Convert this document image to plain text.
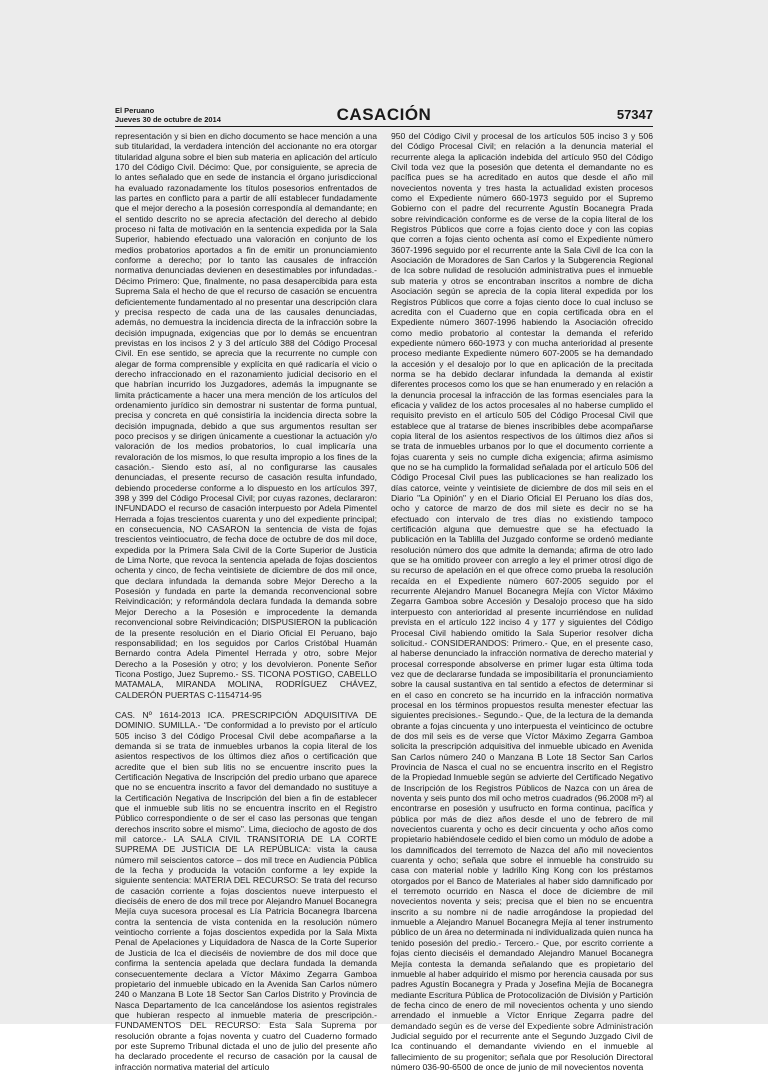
El Peruano
Jueves 30 de octubre de 2014	CASACIÓN	57347

representación y si bien en dicho documento se hace mención a una sub titularidad, la verdadera intención del accionante no era otorgar titularidad alguna sobre el bien sub materia en aplicación del artículo 170 del Código Civil. Décimo: Que, por consiguiente, se aprecia de lo antes señalado que en sede de instancia el órgano jurisdiccional ha evaluado razonadamente los títulos posesorios enfrentados de las partes en conflicto para a partir de allí establecer fundadamente que el mejor derecho a la posesión correspondía al demandante; en el sentido descrito no se aprecia afectación del derecho al debido proceso ni falta de motivación en la sentencia expedida por la Sala Superior, habiendo efectuado una valoración en conjunto de los medios probatorios aportados a fin de emitir un pronunciamiento conforme a derecho; por lo tanto las causales de infracción normativa denunciadas devienen en desestimables por infundadas.- Décimo Primero: Que, finalmente, no pasa desapercibida para esta Suprema Sala el hecho de que el recurso de casación se encuentra deficientemente fundamentado al no presentar una descripción clara y precisa respecto de cada una de las causales denunciadas, además, no demuestra la incidencia directa de la infracción sobre la decisión impugnada, exigencias que por lo demás se encuentran previstas en los incisos 2 y 3 del artículo 388 del Código Procesal Civil. En ese sentido, se aprecia que la recurrente no cumple con alegar de forma comprensible y explícita en qué radicaría el vicio o derecho infraccionado en el razonamiento judicial decisorio en el que habrían incurrido los Juzgadores, además la impugnante se limita prácticamente a hacer una mera mención de los artículos del ordenamiento jurídico sin demostrar ni sustentar de forma puntual, precisa y concreta en qué consistiría la incidencia directa sobre la decisión impugnada, debido a que sus argumentos resultan ser poco precisos y se dirigen únicamente a cuestionar la actuación y/o valoración de los medios probatorios, lo cual implicaría una revaloración de los mismos, lo que resulta impropio a los fines de la casación.- Siendo esto así, al no configurarse las causales denunciadas, el presente recurso de casación resulta infundado, debiendo procederse conforme a lo dispuesto en los artículos 397, 398 y 399 del Código Procesal Civil; por cuyas razones, declararon: INFUNDADO el recurso de casación interpuesto por Adela Pimentel Herrada a fojas trescientos cuarenta y uno del expediente principal; en consecuencia, NO CASARON la sentencia de vista de fojas trescientos veintiocuatro, de fecha doce de octubre de dos mil doce, expedida por la Primera Sala Civil de la Corte Superior de Justicia de Lima Norte, que revoca la sentencia apelada de fojas doscientos ochenta y cinco, de fecha veintisiete de diciembre de dos mil once, que declara infundada la demanda sobre Mejor Derecho a la Posesión y fundada en parte la demanda reconvencional sobre Reivindicación; y reformándola declara fundada la demanda sobre Mejor Derecho a la Posesión e improcedente la demanda reconvencional sobre Reivindicación; DISPUSIERON la publicación de la presente resolución en el Diario Oficial El Peruano, bajo responsabilidad; en los seguidos por Carlos Cristóbal Huamán Bernardo contra Adela Pimentel Herrada y otro, sobre Mejor Derecho a la Posesión y otro; y los devolvieron. Ponente Señor Ticona Postigo, Juez Supremo.- SS. TICONA POSTIGO, CABELLO MATAMALA, MIRANDA MOLINA, RODRÍGUEZ CHÁVEZ, CALDERÓN PUERTAS C-1154714-95

CAS. Nº 1614-2013 ICA. PRESCRIPCIÓN ADQUISITIVA DE DOMINIO. SUMILLA.- "De conformidad a lo previsto por el artículo 505 inciso 3 del Código Procesal Civil debe acompañarse a la demanda si se trata de inmuebles urbanos la copia literal de los asientos respectivos de los últimos diez años o certificación que acredite que el bien sub litis no se encuentre inscrito pues la Certificación Negativa de Inscripción del predio urbano que aparece que no se encuentra inscrito a favor del demandado no sustituye a la Certificación Negativa de Inscripción del bien a fin de establecer que el inmueble sub litis no se encuentra inscrito en el Registro Público correspondiente o de ser el caso las personas que tengan derechos inscrito sobre el mismo". Lima, dieciocho de agosto de dos mil catorce.- LA SALA CIVIL TRANSITORIA DE LA CORTE SUPREMA DE JUSTICIA DE LA REPÚBLICA: vista la causa número mil seiscientos catorce – dos mil trece en Audiencia Pública de la fecha y producida la votación conforme a ley expide la siguiente sentencia: MATERIA DEL RECURSO: Se trata del recurso de casación corriente a fojas doscientos nueve interpuesto el dieciséis de enero de dos mil trece por Alejandro Manuel Bocanegra Mejía cuya sucesora procesal es Lía Patricia Bocanegra Ibarcena contra la sentencia de vista contenida en la resolución número veintiocho corriente a fojas doscientos expedida por la Sala Mixta Penal de Apelaciones y Liquidadora de Nasca de la Corte Superior de Justicia de Ica el dieciséis de noviembre de dos mil doce que confirma la sentencia apelada que declara fundada la demanda consecuentemente declara a Víctor Máximo Zegarra Gamboa propietario del inmueble ubicado en la Avenida San Carlos número 240 o Manzana B Lote 18 Sector San Carlos Distrito y Provincia de Nasca Departamento de Ica cancelándose los asientos registrales que hubieran respecto al inmueble materia de prescripción.- FUNDAMENTOS DEL RECURSO: Esta Sala Suprema por resolución obrante a fojas noventa y cuatro del Cuaderno formado por este Supremo Tribunal dictada el uno de julio del presente año ha declarado procedente el recurso de casación por la causal de infracción normativa material del artículo

950 del Código Civil y procesal de los artículos 505 inciso 3 y 506 del Código Procesal Civil; en relación a la denuncia material el recurrente alega la aplicación indebida del artículo 950 del Código Civil toda vez que la posesión que detenta el demandante no es pacífica pues se ha acreditado en autos que desde el año mil novecientos noventa y tres hasta la actualidad existen procesos como el Expediente número 660-1973 seguido por el Supremo Gobierno con el padre del recurrente Agustín Bocanegra Prada sobre reivindicación conforme es de verse de la copia literal de los Registros Públicos que corre a fojas ciento doce y con las copias que corren a fojas ciento ochenta así como el Expediente número 3607-1996 seguido por el recurrente ante la Sala Civil de Ica con la Asociación de Moradores de San Carlos y la Subgerencia Regional de Ica sobre nulidad de resolución administrativa pues el inmueble sub materia y otros se encontraban inscritos a nombre de dicha Asociación según se aprecia de la copia literal expedida por los Registros Públicos que corre a fojas ciento doce lo cual incluso se acredita con el Cuaderno que en copia certificada obra en el Expediente número 3607-1996 habiendo la Asociación ofrecido como medio probatorio al contestar la demanda el referido expediente número 660-1973 y con mucha anterioridad al presente proceso mediante Expediente número 607-2005 se ha demandado la accesión y el desalojo por lo que en aplicación de la precitada norma se ha debido declarar infundada la demanda al existir diferentes procesos como los que se han enumerado y en relación a la denuncia procesal la infracción de las formas esenciales para la eficacia y validez de los actos procesales al no haberse cumplido el requisito previsto en el artículo 505 del Código Procesal Civil que establece que al tratarse de bienes inscribibles debe acompañarse copia literal de los asientos respectivos de los últimos diez años si se trata de inmuebles urbanos por lo que el documento corriente a fojas cuarenta y seis no cumple dicha exigencia; afirma asimismo que no se ha cumplido la formalidad señalada por el artículo 506 del Código Procesal Civil pues las publicaciones se han realizado los días catorce, veinte y veintisiete de diciembre de dos mil seis en el Diario "La Opinión" y en el Diario Oficial El Peruano los días dos, ocho y catorce de marzo de dos mil siete es decir no se ha efectuado con intervalo de tres días no existiendo tampoco certificación alguna que demuestre que se ha efectuado la publicación en la Tablilla del Juzgado conforme se ordenó mediante resolución número dos que admite la demanda; afirma de otro lado que se ha omitido proveer con arreglo a ley el primer otrosí digo de su recurso de apelación en el que ofrece como prueba la resolución recaída en el Expediente número 607-2005 seguido por el recurrente Alejandro Manuel Bocanegra Mejía con Víctor Máximo Zegarra Gamboa sobre Accesión y Desalojo proceso que ha sido interpuesto con anterioridad al presente incurriéndose en nulidad prevista en el artículo 122 inciso 4 y 177 y siguientes del Código Procesal Civil habiendo omitido la Sala Superior resolver dicha solicitud.- CONSIDERANDOS: Primero.- Que, en el presente caso, al haberse denunciado la infracción normativa de derecho material y procesal corresponde absolverse en primer lugar esta última toda vez que de declararse fundada se imposibilitaría el pronunciamiento sobre la causal sustantiva en tal sentido a efectos de determinar si en el caso en concreto se ha incurrido en la infracción normativa procesal en los términos propuestos resulta menester efectuar las siguientes precisiones.- Segundo.- Que, de la lectura de la demanda obrante a fojas cincuenta y uno interpuesta el veinticinco de octubre de dos mil seis es de verse que Víctor Máximo Zegarra Gamboa solicita la prescripción adquisitiva del inmueble ubicado en Avenida San Carlos número 240 o Manzana B Lote 18 Sector San Carlos Provincia de Nasca el cual no se encuentra inscrito en el Registro de la Propiedad Inmueble según se advierte del Certificado Negativo de Inscripción de los Registros Públicos de Nazca con un área de noventa y seis punto dos mil ocho metros cuadrados (96.2008 m²) al encontrarse en posesión y usufructo en forma continua, pacífica y pública por más de diez años desde el uno de febrero de mil novecientos cuarenta y ocho es decir cincuenta y ocho años como propietario habiéndosele cedido el bien como un módulo de adobe a los damnificados del terremoto de Nazca del año mil novecientos cuarenta y ocho; señala que sobre el inmueble ha construido su casa con material noble y ladrillo King Kong con los préstamos otorgados por el Banco de Materiales al haber sido damnificado por el terremoto ocurrido en Nasca el doce de diciembre de mil novecientos noventa y seis; precisa que el bien no se encuentra inscrito a su nombre ni de nadie arrogándose la propiedad del inmueble a Alejandro Manuel Bocanegra Mejía al tener instrumento público de un área no determinada ni individualizada quien nunca ha tenido posesión del predio.- Tercero.- Que, por escrito corriente a fojas ciento dieciséis el demandado Alejandro Manuel Bocanegra Mejía contesta la demanda señalando que es propietario del inmueble al haber adquirido el mismo por herencia causada por sus padres Agustín Bocanegra y Prada y Josefina Mejía de Bocanegra mediante Escritura Pública de Protocolización de División y Partición de fecha cinco de enero de mil novecientos ochenta y uno siendo arrendado el inmueble a Víctor Enrique Zegarra padre del demandado según es de verse del Expediente sobre Administración Judicial seguido por el recurrente ante el Segundo Juzgado Civil de Ica continuando el demandante viviendo en el inmueble al fallecimiento de su progenitor; señala que por Resolución Directoral número 036-90-6500 de once de junio de mil novecientos noventa
